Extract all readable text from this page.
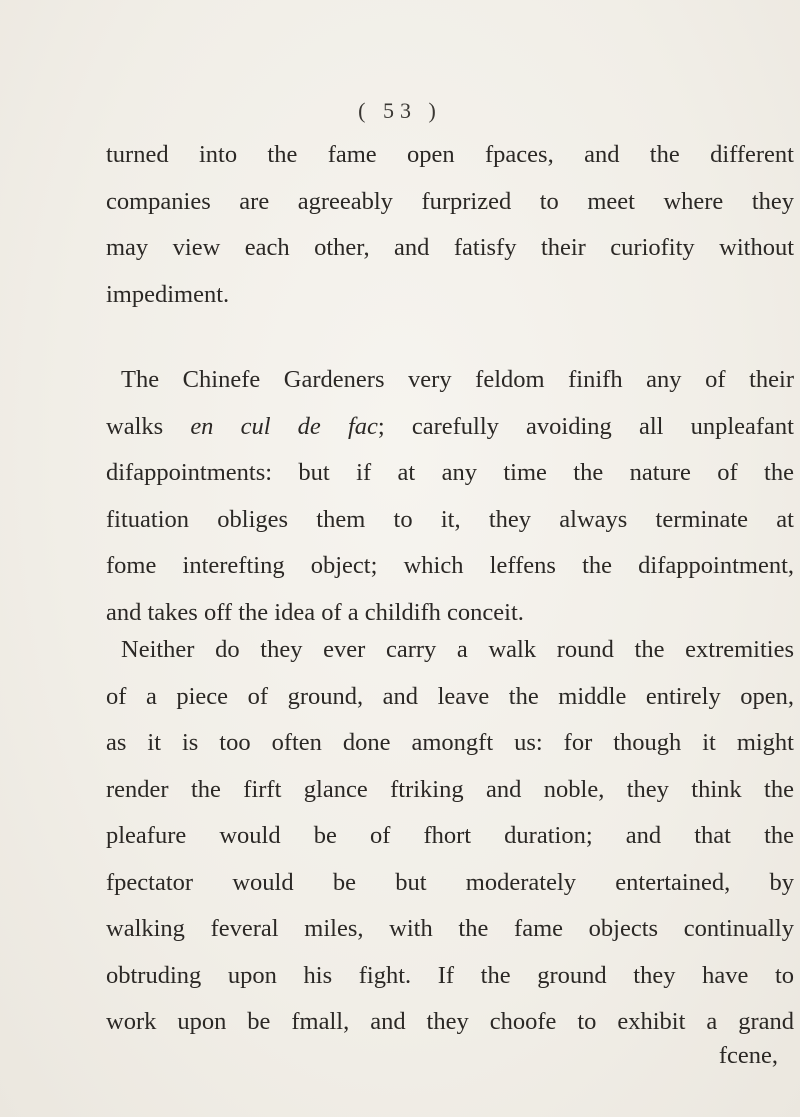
( 53 )
turned into the fame open fpaces, and the different
companies are agreeably furprized to meet where they
may view each other, and fatisfy their curiofity without
impediment.
The Chinefe Gardeners very feldom finifh any of their
walks en cul de fac; carefully avoiding all unpleafant
difappointments: but if at any time the nature of the
fituation obliges them to it, they always terminate at
fome interefting object; which leffens the difappointment,
and takes off the idea of a childifh conceit.
Neither do they ever carry a walk round the extremities
of a piece of ground, and leave the middle entirely open,
as it is too often done amongft us: for though it might
render the firft glance ftriking and noble, they think the
pleafure would be of fhort duration; and that the
fpectator would be but moderately entertained, by
walking feveral miles, with the fame objects continually
obtruding upon his fight. If the ground they have to
work upon be fmall, and they choofe to exhibit a grand
fcene,
